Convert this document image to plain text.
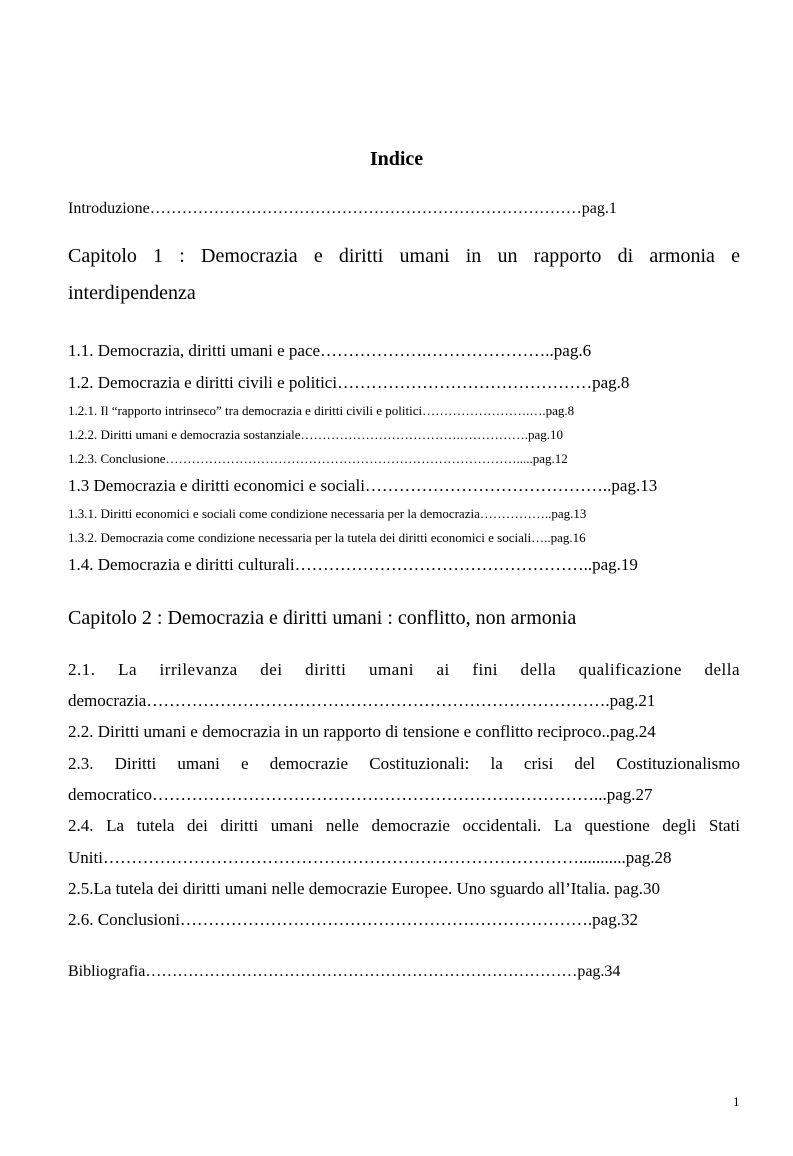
Indice
Introduzione………………………………………………………………………pag.1
Capitolo 1 : Democrazia e diritti umani in un rapporto di armonia e
interdipendenza
1.1. Democrazia, diritti umani e pace……………….…………………..pag.6
1.2. Democrazia e diritti civili e politici………………………………………pag.8
1.2.1. Il “rapporto intrinseco” tra democrazia e diritti civili e politici…………………….….pag.8
1.2.2. Diritti umani e democrazia sostanziale……………………………….…………….pag.10
1.2.3. Conclusione……………………………………………………………………….....pag.12
1.3 Democrazia e diritti economici e sociali……………………………………..pag.13
1.3.1. Diritti economici e sociali come condizione necessaria per la democrazia……………..pag.13
1.3.2. Democrazia come condizione necessaria per la tutela dei diritti economici e sociali…..pag.16
1.4. Democrazia e diritti culturali……………………………………………..pag.19
Capitolo 2 : Democrazia e diritti umani : conflitto, non armonia
2.1. La irrilevanza dei diritti umani ai fini della qualificazione della
democrazia……………………………………………………………………….pag.21
2.2. Diritti umani e democrazia in un rapporto di tensione e conflitto reciproco..pag.24
2.3. Diritti umani e democrazie Costituzionali: la crisi del Costituzionalismo
democratico……………………………………………………………………...pag.27
2.4. La tutela dei diritti umani nelle democrazie occidentali. La questione degli Stati
Uniti…………………………………………………………………………...........pag.28
2.5.La tutela dei diritti umani nelle democrazie Europee. Uno sguardo all’Italia. pag.30
2.6. Conclusioni……………………………………………………………….pag.32
Bibliografia………………………………………………………………………pag.34
1
